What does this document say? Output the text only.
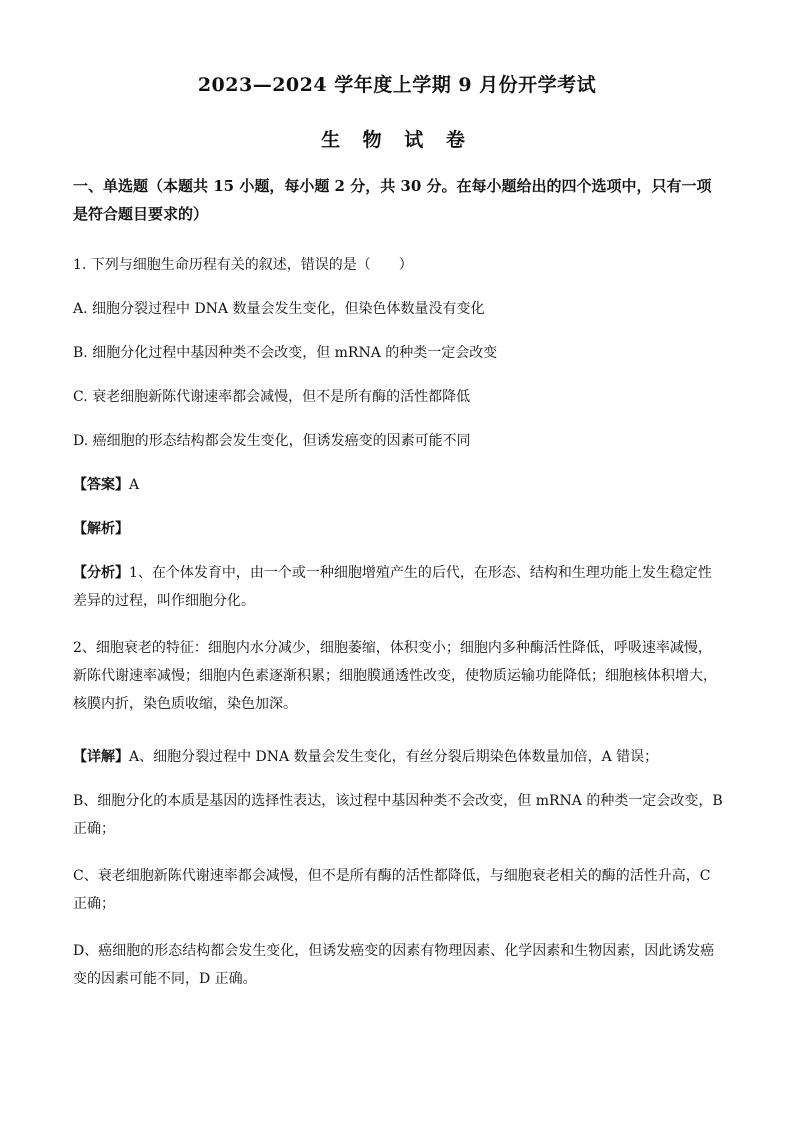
2023—2024 学年度上学期 9 月份开学考试
生 物 试 卷
一、单选题（本题共 15 小题，每小题 2 分，共 30 分。在每小题给出的四个选项中，只有一项是符合题目要求的）
1. 下列与细胞生命历程有关的叙述，错误的是（　　）
A. 细胞分裂过程中 DNA 数量会发生变化，但染色体数量没有变化
B. 细胞分化过程中基因种类不会改变，但 mRNA 的种类一定会改变
C. 衰老细胞新陈代谢速率都会减慢，但不是所有酶的活性都降低
D. 癌细胞的形态结构都会发生变化，但诱发癌变的因素可能不同
【答案】A
【解析】
【分析】1、在个体发育中，由一个或一种细胞增殖产生的后代，在形态、结构和生理功能上发生稳定性差异的过程，叫作细胞分化。
2、细胞衰老的特征：细胞内水分减少，细胞萎缩，体积变小；细胞内多种酶活性降低，呼吸速率减慢，新陈代谢速率减慢；细胞内色素逐渐积累；细胞膜通透性改变，使物质运输功能降低；细胞核体积增大，核膜内折，染色质收缩，染色加深。
【详解】A、细胞分裂过程中 DNA 数量会发生变化，有丝分裂后期染色体数量加倍，A 错误；
B、细胞分化的本质是基因的选择性表达，该过程中基因种类不会改变，但 mRNA 的种类一定会改变，B 正确；
C、衰老细胞新陈代谢速率都会减慢，但不是所有酶的活性都降低，与细胞衰老相关的酶的活性升高，C 正确；
D、癌细胞的形态结构都会发生变化，但诱发癌变的因素有物理因素、化学因素和生物因素，因此诱发癌变的因素可能不同，D 正确。
